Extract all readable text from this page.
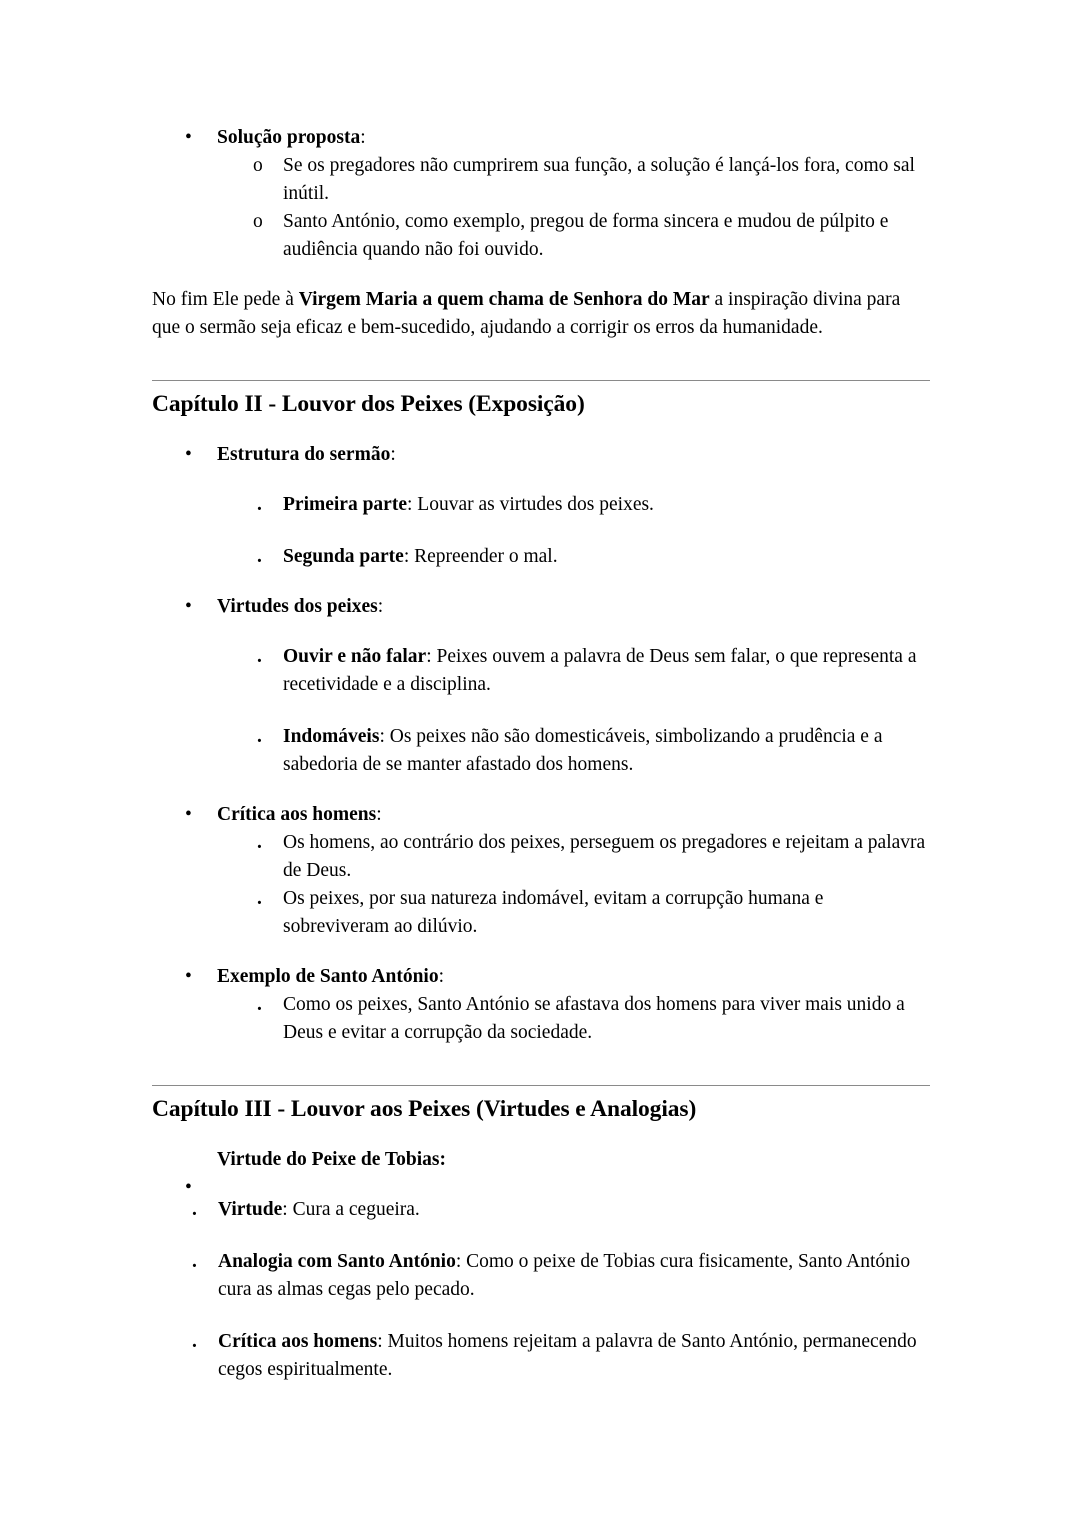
•	Solução proposta:
o Se os pregadores não cumprirem sua função, a solução é lançá-los fora, como sal inútil.
o Santo António, como exemplo, pregou de forma sincera e mudou de púlpito e audiência quando não foi ouvido.

No fim Ele pede à Virgem Maria a quem chama de Senhora do Mar a inspiração divina para que o sermão seja eficaz e bem-sucedido, ajudando a corrigir os erros da humanidade.

Capítulo II - Louvor dos Peixes (Exposição)
•	Estrutura do sermão:
. Primeira parte: Louvar as virtudes dos peixes.
. Segunda parte: Repreender o mal.
•	Virtudes dos peixes:
. Ouvir e não falar: Peixes ouvem a palavra de Deus sem falar, o que representa a recetividade e a disciplina.
. Indomáveis: Os peixes não são domesticáveis, simbolizando a prudência e a sabedoria de se manter afastado dos homens.
•	Crítica aos homens:
. Os homens, ao contrário dos peixes, perseguem os pregadores e rejeitam a palavra de Deus.
. Os peixes, por sua natureza indomável, evitam a corrupção humana e sobreviveram ao dilúvio.
•	Exemplo de Santo António:
. Como os peixes, Santo António se afastava dos homens para viver mais unido a Deus e evitar a corrupção da sociedade.
Capítulo III - Louvor aos Peixes (Virtudes e Analogias)
Virtude do Peixe de Tobias:
•
. Virtude: Cura a cegueira.
. Analogia com Santo António: Como o peixe de Tobias cura fisicamente, Santo António cura as almas cegas pelo pecado.
. Crítica aos homens: Muitos homens rejeitam a palavra de Santo António, permanecendo cegos espiritualmente.
